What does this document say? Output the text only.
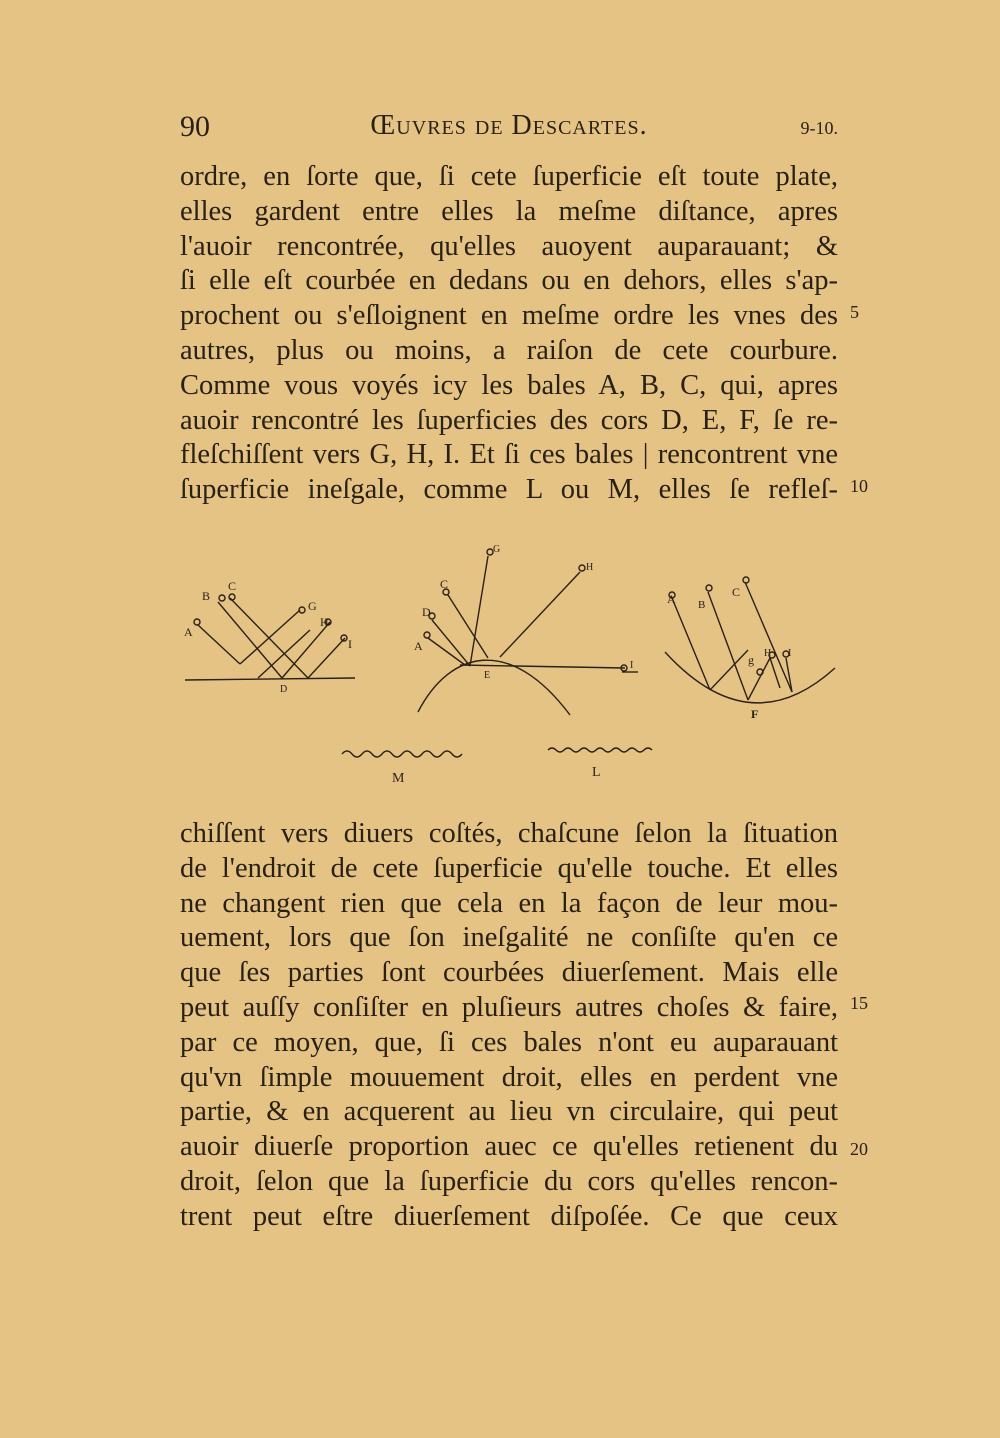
90	Œuvres de Descartes.	9-10.
ordre, en ſorte que, ſi cete ſuperficie eſt toute plate,
elles gardent entre elles la meſme diſtance, apres
l'auoir rencontrée, qu'elles auoyent auparauant; &
ſi elle eſt courbée en dedans ou en dehors, elles s'ap-
prochent ou s'eſloignent en meſme ordre les vnes des
autres, plus ou moins, a raiſon de cete courbure.
Comme vous voyés icy les bales A, B, C, qui, apres
auoir rencontré les ſuperficies des cors D, E, F, ſe re-
fleſchiſſent vers G, H, I. Et ſi ces bales | rencontrent vne
ſuperficie ineſgale, comme L ou M, elles ſe refleſ-
5
10
B
C
A
G
H
I
D
G
H
C
D
A
E
I
A B
C
g H I
F
M	L
chiſſent vers diuers coſtés, chaſcune ſelon la ſituation
de l'endroit de cete ſuperficie qu'elle touche. Et elles
ne changent rien que cela en la façon de leur mou-
uement, lors que ſon ineſgalité ne conſiſte qu'en ce
que ſes parties ſont courbées diuerſement. Mais elle
peut auſſy conſiſter en pluſieurs autres choſes & faire,
par ce moyen, que, ſi ces bales n'ont eu auparauant
qu'vn ſimple mouuement droit, elles en perdent vne
partie, & en acquerent au lieu vn circulaire, qui peut
auoir diuerſe proportion auec ce qu'elles retienent du
droit, ſelon que la ſuperficie du cors qu'elles rencon-
trent peut eſtre diuerſement diſpoſée. Ce que ceux
15
20
